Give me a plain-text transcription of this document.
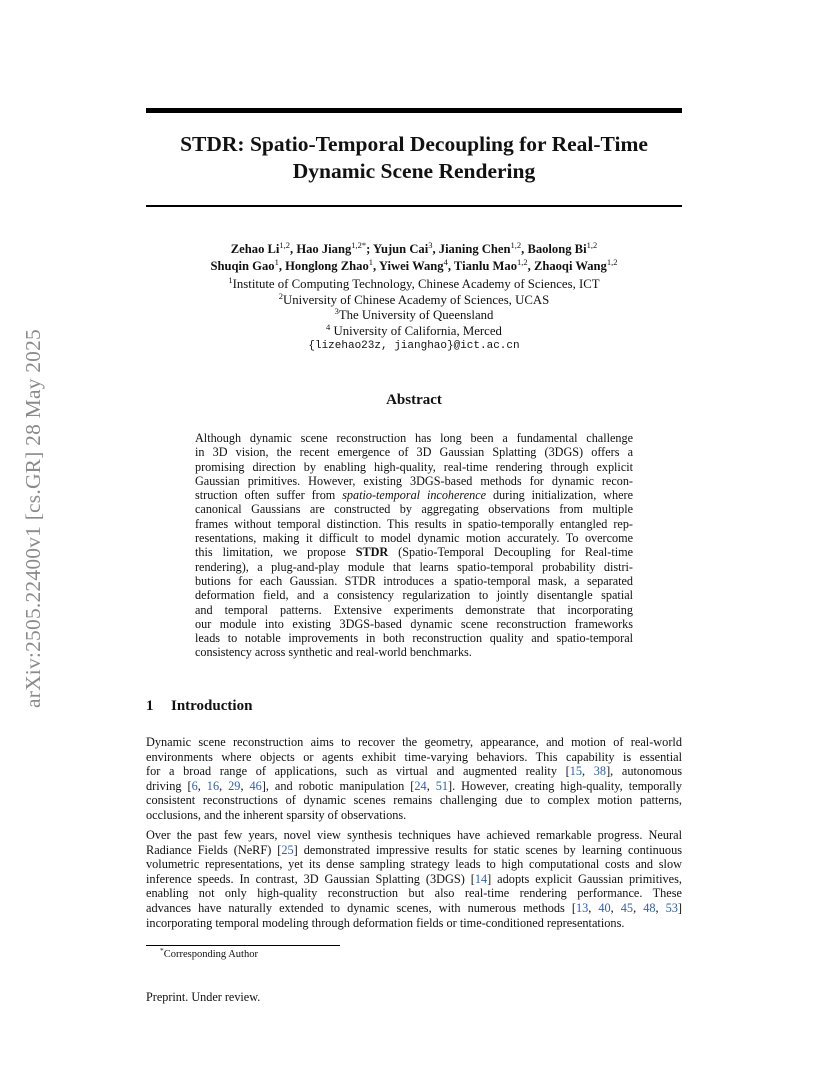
arXiv:2505.22400v1 [cs.GR] 28 May 2025
STDR: Spatio-Temporal Decoupling for Real-Time
Dynamic Scene Rendering
Zehao Li$^{1,2}$, Hao Jiang$^{1,2*}$; Yujun Cai$^3$, Jianing Chen$^{1,2}$, Baolong Bi$^{1,2}$
Shuqin Gao$^1$, Honglong Zhao$^1$, Yiwei Wang$^4$, Tianlu Mao$^{1,2}$, Zhaoqi Wang$^{1,2}$
$^1$Institute of Computing Technology, Chinese Academy of Sciences, ICT
$^2$University of Chinese Academy of Sciences, UCAS
$^3$The University of Queensland
$^4$ University of California, Merced
{lizehao23z, jianghao}@ict.ac.cn
Abstract
Although dynamic scene reconstruction has long been a fundamental challenge
in 3D vision, the recent emergence of 3D Gaussian Splatting (3DGS) offers a
promising direction by enabling high-quality, real-time rendering through explicit
Gaussian primitives. However, existing 3DGS-based methods for dynamic recon-
struction often suffer from spatio-temporal incoherence during initialization, where
canonical Gaussians are constructed by aggregating observations from multiple
frames without temporal distinction. This results in spatio-temporally entangled rep-
resentations, making it difficult to model dynamic motion accurately. To overcome
this limitation, we propose STDR (Spatio-Temporal Decoupling for Real-time
rendering), a plug-and-play module that learns spatio-temporal probability distri-
butions for each Gaussian. STDR introduces a spatio-temporal mask, a separated
deformation field, and a consistency regularization to jointly disentangle spatial
and temporal patterns. Extensive experiments demonstrate that incorporating
our module into existing 3DGS-based dynamic scene reconstruction frameworks
leads to notable improvements in both reconstruction quality and spatio-temporal
consistency across synthetic and real-world benchmarks.
1 Introduction
Dynamic scene reconstruction aims to recover the geometry, appearance, and motion of real-world
environments where objects or agents exhibit time-varying behaviors. This capability is essential
for a broad range of applications, such as virtual and augmented reality [15, 38], autonomous
driving [6, 16, 29, 46], and robotic manipulation [24, 51]. However, creating high-quality, temporally
consistent reconstructions of dynamic scenes remains challenging due to complex motion patterns,
occlusions, and the inherent sparsity of observations.
Over the past few years, novel view synthesis techniques have achieved remarkable progress. Neural
Radiance Fields (NeRF) [25] demonstrated impressive results for static scenes by learning continuous
volumetric representations, yet its dense sampling strategy leads to high computational costs and slow
inference speeds. In contrast, 3D Gaussian Splatting (3DGS) [14] adopts explicit Gaussian primitives,
enabling not only high-quality reconstruction but also real-time rendering performance. These
advances have naturally extended to dynamic scenes, with numerous methods [13, 40, 45, 48, 53]
incorporating temporal modeling through deformation fields or time-conditioned representations.
*Corresponding Author
Preprint. Under review.
